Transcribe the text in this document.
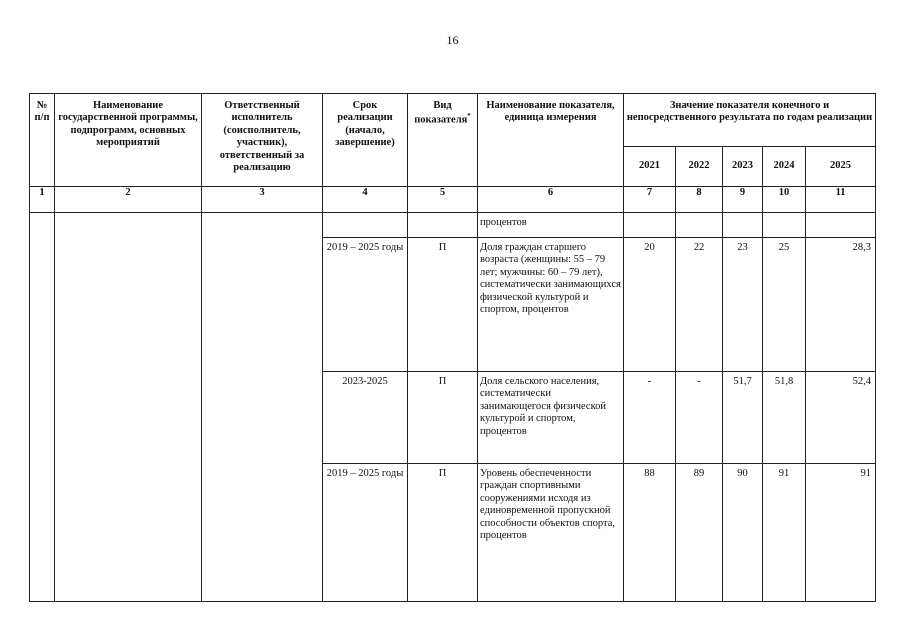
16
№ п/п	Наименование государственной программы, подпрограмм, основных мероприятий	Ответственный исполнитель (соисполнитель, участник), ответственный за реализацию	Срок реализации (начало, завершение)	Вид показателя*	Наименование показателя, единица измерения	Значение показателя конечного и непосредственного результата по годам реализации				
						2021	2022	2023	2024	2025
1	2	3	4	5	6	7	8	9	10	11
					процентов					
			2019 – 2025 годы	П	Доля граждан старшего возраста (женщины: 55 – 79 лет; мужчины: 60 – 79 лет), систематически занимающихся физической культурой и спортом, процентов	20	22	23	25	28,3
			2023-2025	П	Доля сельского населения, систематически занимающегося физической культурой и спортом, процентов	-	-	51,7	51,8	52,4
			2019 – 2025 годы	П	Уровень обеспеченности граждан спортивными сооружениями исходя из единовременной пропускной способности объектов спорта, процентов	88	89	90	91	91
